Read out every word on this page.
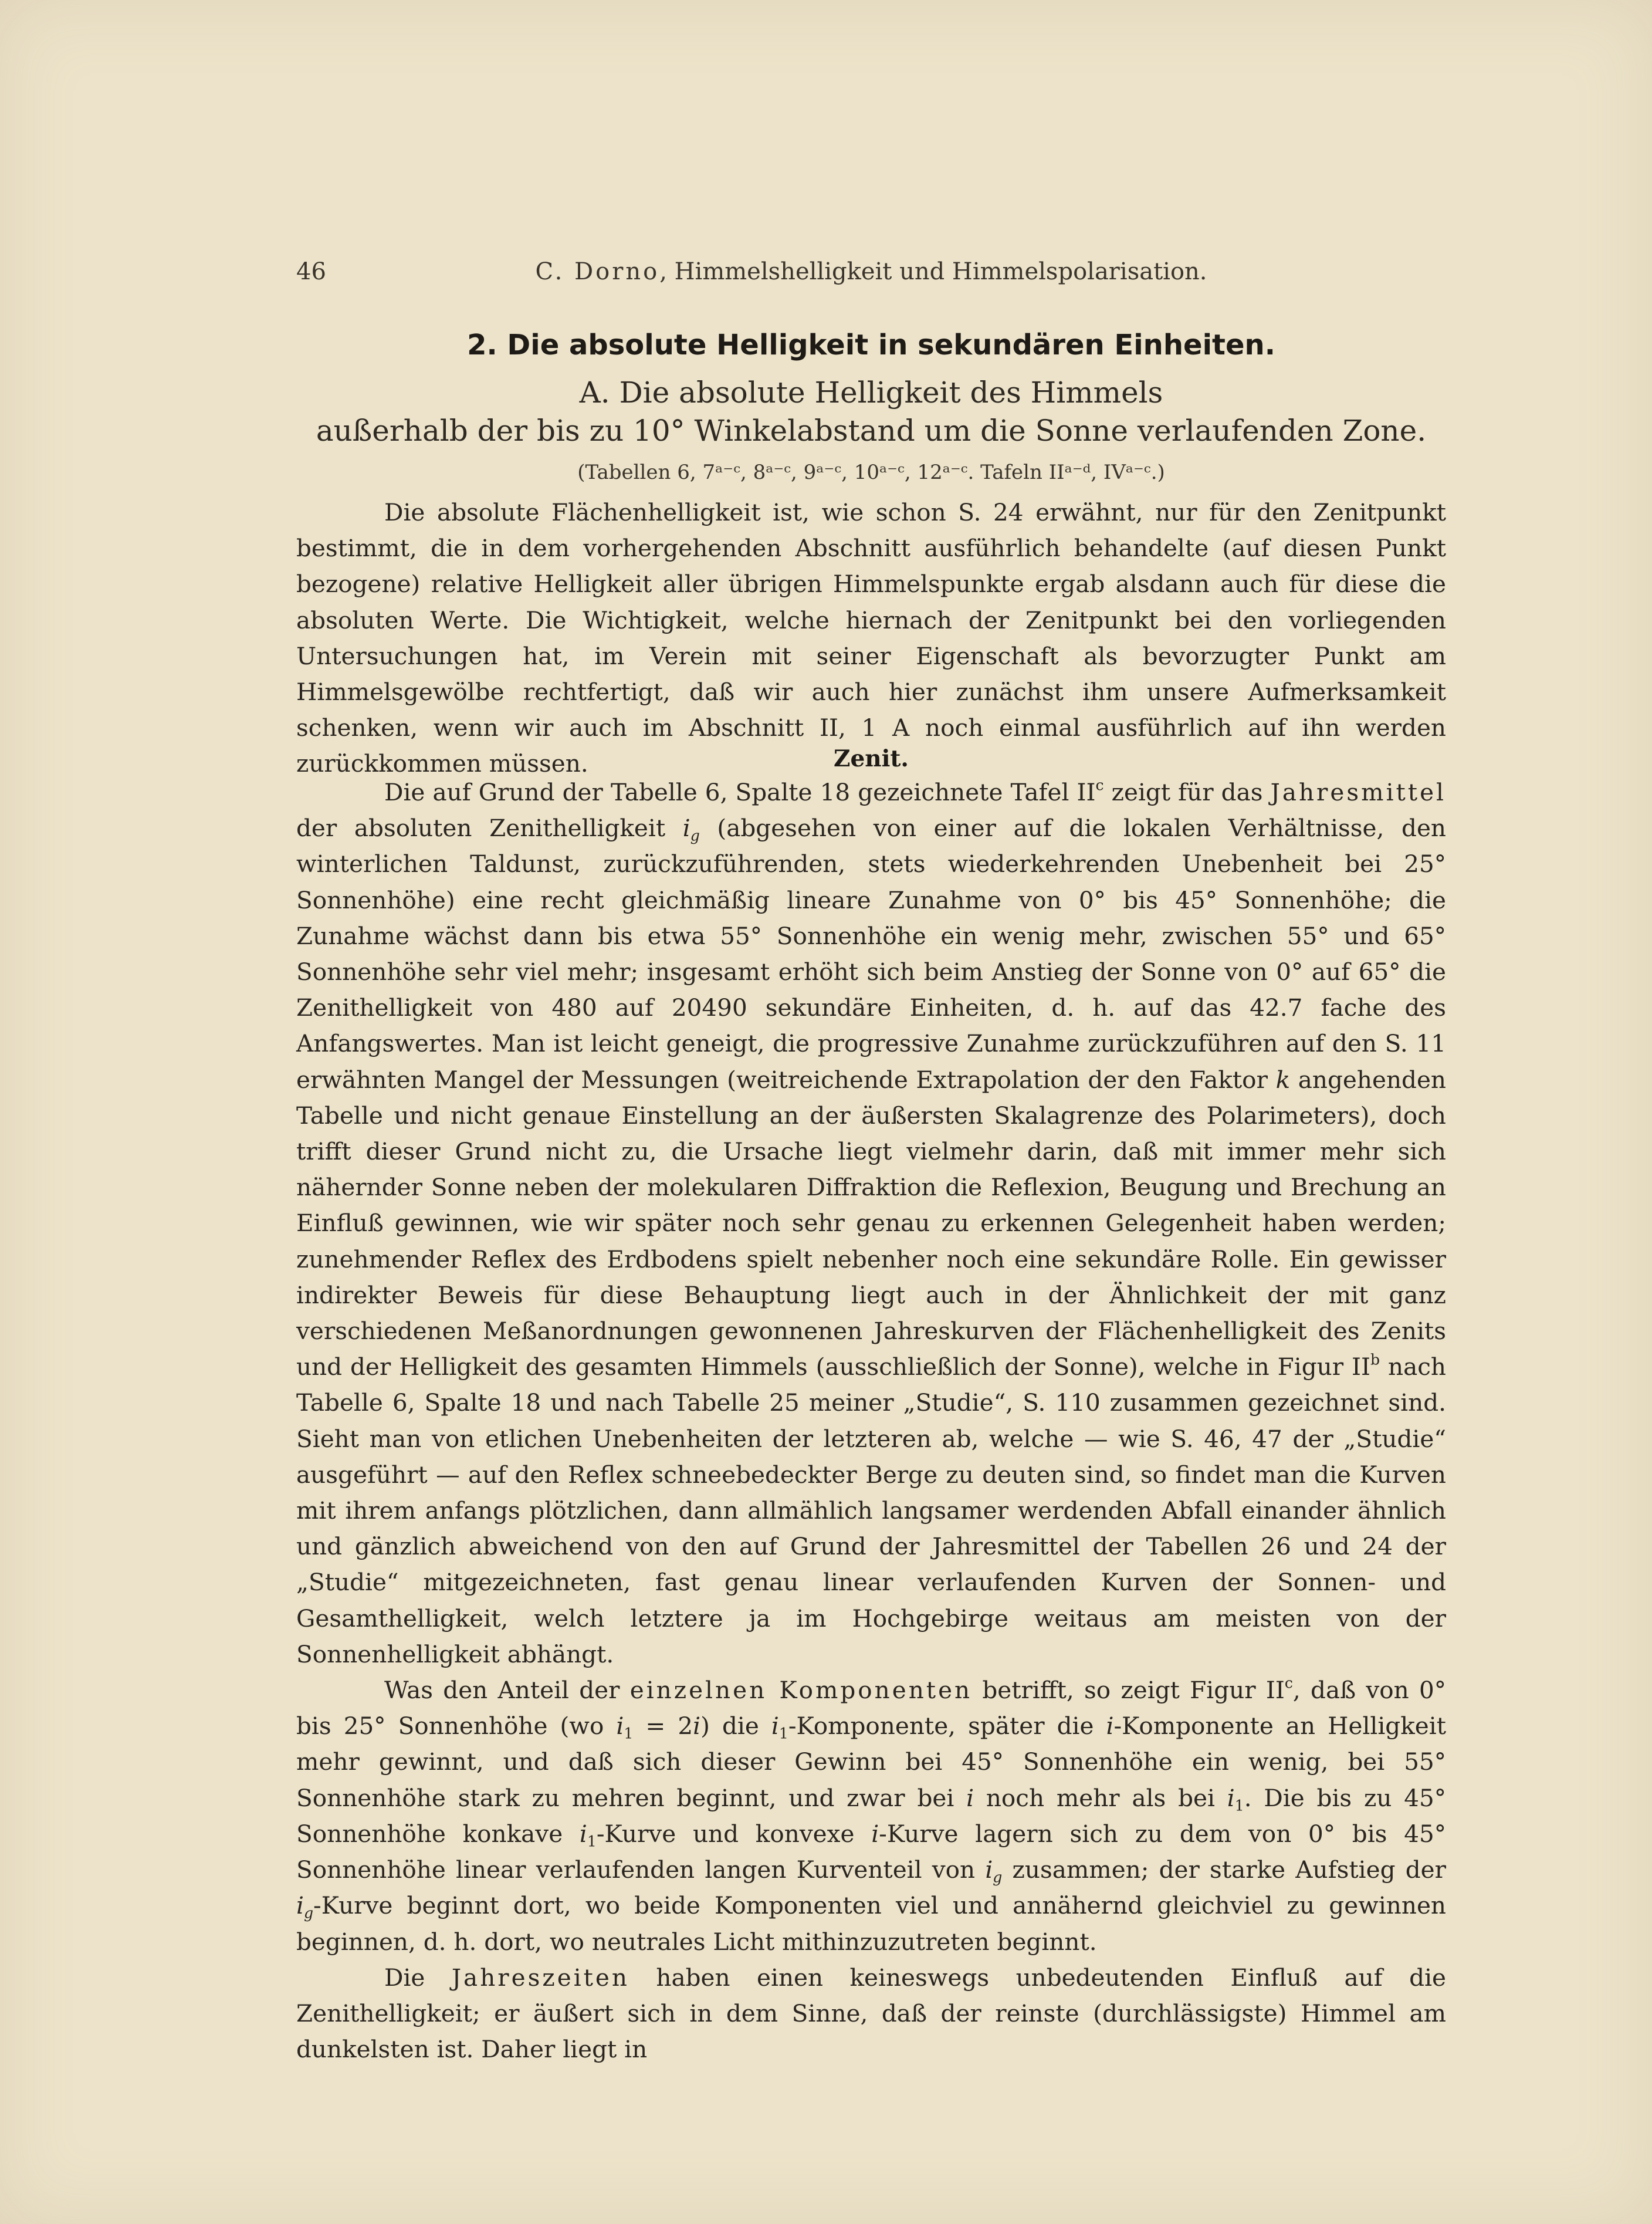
46	C. Dorno, Himmelshelligkeit und Himmelspolarisation.
2. Die absolute Helligkeit in sekundären Einheiten.
A. Die absolute Helligkeit des Himmels
außerhalb der bis zu 10° Winkelabstand um die Sonne verlaufenden Zone.
(Tabellen 6, 7ᵃ⁻ᶜ, 8ᵃ⁻ᶜ, 9ᵃ⁻ᶜ, 10ᵃ⁻ᶜ, 12ᵃ⁻ᶜ. Tafeln IIᵃ⁻ᵈ, IVᵃ⁻ᶜ.)

Die absolute Flächenhelligkeit ist, wie schon S. 24 erwähnt, nur für den Zenitpunkt bestimmt, die in dem vorhergehenden Abschnitt ausführlich behandelte (auf diesen Punkt bezogene) relative Helligkeit aller übrigen Himmelspunkte ergab alsdann auch für diese die absoluten Werte. Die Wichtigkeit, welche hiernach der Zenitpunkt bei den vorliegenden Untersuchungen hat, im Verein mit seiner Eigenschaft als bevorzugter Punkt am Himmelsgewölbe rechtfertigt, daß wir auch hier zunächst ihm unsere Aufmerksamkeit schenken, wenn wir auch im Abschnitt II, 1 A noch einmal ausführlich auf ihn werden zurückkommen müssen.	Zenit.

Die auf Grund der Tabelle 6, Spalte 18 gezeichnete Tafel $II^c$ zeigt für das Jahresmittel der absoluten Zenithelligkeit $i_g$ (abgesehen von einer auf die lokalen Verhältnisse, den winterlichen Taldunst, zurückzuführenden, stets wiederkehrenden Unebenheit bei 25° Sonnenhöhe) eine recht gleichmäßig lineare Zunahme von 0° bis 45° Sonnenhöhe; die Zunahme wächst dann bis etwa 55° Sonnenhöhe ein wenig mehr, zwischen 55° und 65° Sonnenhöhe sehr viel mehr; insgesamt erhöht sich beim Anstieg der Sonne von 0° auf 65° die Zenithelligkeit von 480 auf 20490 sekundäre Einheiten, d. h. auf das 42.7 fache des Anfangswertes. Man ist leicht geneigt, die progressive Zunahme zurückzuführen auf den S. 11 erwähnten Mangel der Messungen (weitreichende Extrapolation der den Faktor k angehenden Tabelle und nicht genaue Einstellung an der äußersten Skalagrenze des Polarimeters), doch trifft dieser Grund nicht zu, die Ursache liegt vielmehr darin, daß mit immer mehr sich nähernder Sonne neben der molekularen Diffraktion die Reflexion, Beugung und Brechung an Einfluß gewinnen, wie wir später noch sehr genau zu erkennen Gelegenheit haben werden; zunehmender Reflex des Erdbodens spielt nebenher noch eine sekundäre Rolle. Ein gewisser indirekter Beweis für diese Behauptung liegt auch in der Ähnlichkeit der mit ganz verschiedenen Meßanordnungen gewonnenen Jahreskurven der Flächenhelligkeit des Zenits und der Helligkeit des gesamten Himmels (ausschließlich der Sonne), welche in Figur $II^b$ nach Tabelle 6, Spalte 18 und nach Tabelle 25 meiner „Studie“, S. 110 zusammen gezeichnet sind. Sieht man von etlichen Unebenheiten der letzteren ab, welche — wie S. 46, 47 der „Studie“ ausgeführt — auf den Reflex schneebedeckter Berge zu deuten sind, so findet man die Kurven mit ihrem anfangs plötzlichen, dann allmählich langsamer werdenden Abfall einander ähnlich und gänzlich abweichend von den auf Grund der Jahresmittel der Tabellen 26 und 24 der „Studie“ mitgezeichneten, fast genau linear verlaufenden Kurven der Sonnen- und Gesamthelligkeit, welch letztere ja im Hochgebirge weitaus am meisten von der Sonnenhelligkeit abhängt.

Was den Anteil der einzelnen Komponenten betrifft, so zeigt Figur $II^c$, daß von 0° bis 25° Sonnenhöhe (wo $i_1 = 2i$) die $i_1$-Komponente, später die i-Komponente an Helligkeit mehr gewinnt, und daß sich dieser Gewinn bei 45° Sonnenhöhe ein wenig, bei 55° Sonnenhöhe stark zu mehren beginnt, und zwar bei i noch mehr als bei $i_1$. Die bis zu 45° Sonnenhöhe konkave $i_1$-Kurve und konvexe i-Kurve lagern sich zu dem von 0° bis 45° Sonnenhöhe linear verlaufenden langen Kurventeil von $i_g$ zusammen; der starke Aufstieg der $i_g$-Kurve beginnt dort, wo beide Komponenten viel und annähernd gleichviel zu gewinnen beginnen, d. h. dort, wo neutrales Licht mithinzuzutreten beginnt.

Die Jahreszeiten haben einen keineswegs unbedeutenden Einfluß auf die Zenithelligkeit; er äußert sich in dem Sinne, daß der reinste (durchlässigste) Himmel am dunkelsten ist. Daher liegt in
